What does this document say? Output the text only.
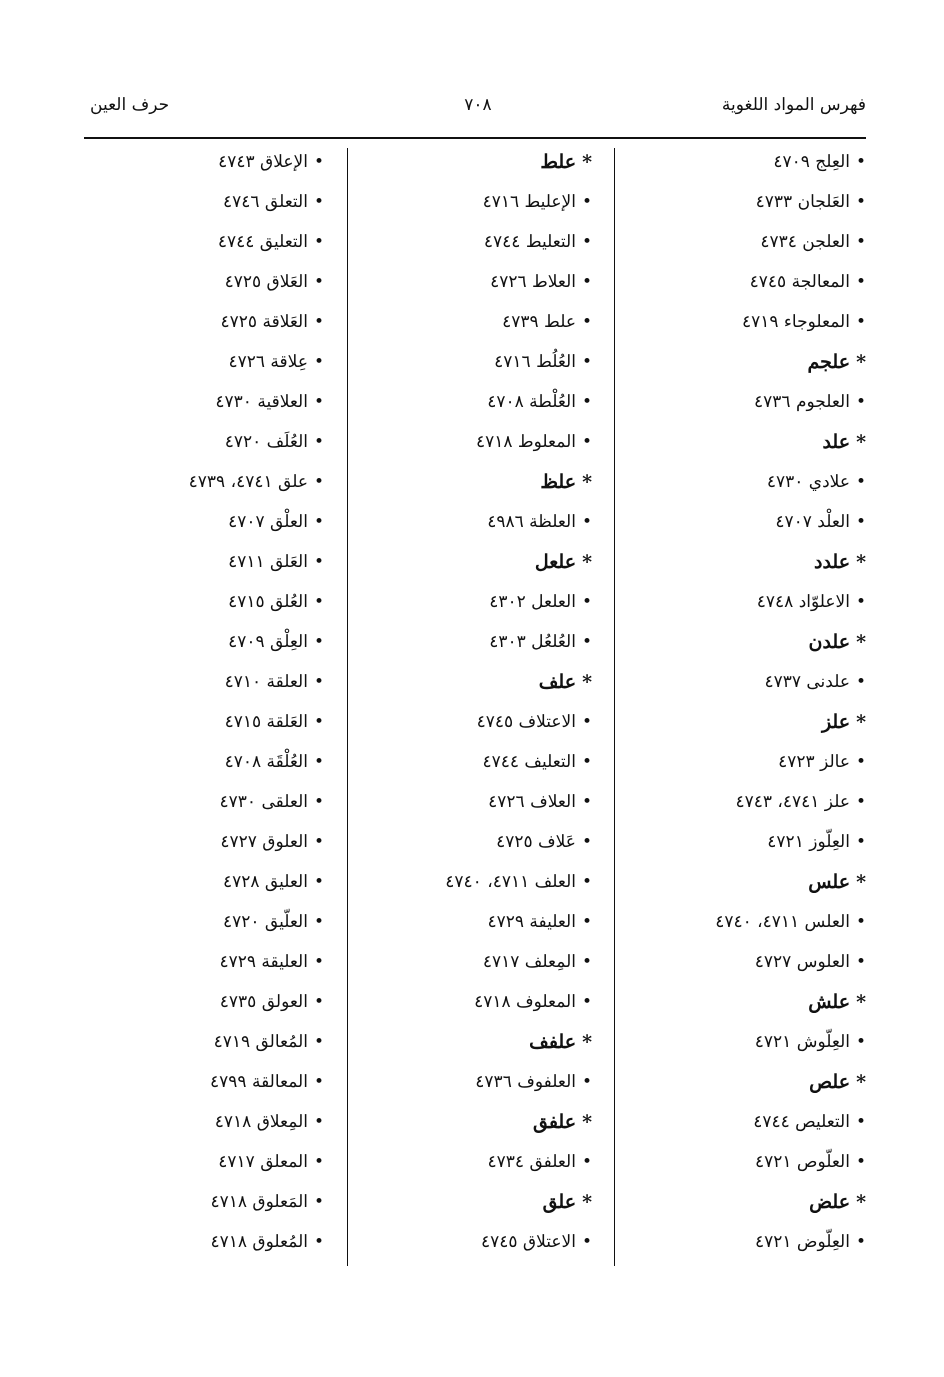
فهرس المواد اللغوية
٧٠٨
حرف العين
•العِلج ٤٧٠٩
•العَلجان ٤٧٣٣
•العلجن ٤٧٣٤
•المعالجة ٤٧٤٥
•المعلوجاء ٤٧١٩
*علجم
•العلجوم ٤٧٣٦
*علد
•علادي ٤٧٣٠
•العلْد ٤٧٠٧
*علدد
•الاعلوّاد ٤٧٤٨
*علدن
•علدنى ٤٧٣٧
*علز
•عالز ٤٧٢٣
•علز ٤٧٤١، ٤٧٤٣
•العِلّوز ٤٧٢١
*علس
•العلس ٤٧١١، ٤٧٤٠
•العلوس ٤٧٢٧
*علش
•العِلّوش ٤٧٢١
*علص
•التعليص ٤٧٤٤
•العلّوص ٤٧٢١
*علض
•العِلّوض ٤٧٢١
*علط
•الإعليط ٤٧١٦
•التعليط ٤٧٤٤
•العلاط ٤٧٢٦
•علط ٤٧٣٩
•العُلُط ٤٧١٦
•العُلْطة ٤٧٠٨
•المعلوط ٤٧١٨
*علظ
•العلظة ٤٩٨٦
*علعل
•العلعل ٤٣٠٢
•العُلعُل ٤٣٠٣
*علف
•الاعتلاف ٤٧٤٥
•التعليف ٤٧٤٤
•العلاف ٤٧٢٦
•عَلاف ٤٧٢٥
•العلف ٤٧١١، ٤٧٤٠
•العليفة ٤٧٢٩
•المِعلف ٤٧١٧
•المعلوف ٤٧١٨
*علفف
•العلفوف ٤٧٣٦
*علفق
•العلفق ٤٧٣٤
*علق
•الاعتلاق ٤٧٤٥
•الإعلاق ٤٧٤٣
•التعلق ٤٧٤٦
•التعليق ٤٧٤٤
•العَلاق ٤٧٢٥
•العَلاقة ٤٧٢٥
•عِلاقة ٤٧٢٦
•العلاقية ٤٧٣٠
•العُلَف ٤٧٢٠
•علق ٤٧٤١، ٤٧٣٩
•العلْق ٤٧٠٧
•العَلق ٤٧١١
•العُلق ٤٧١٥
•العِلْق ٤٧٠٩
•العلقة ٤٧١٠
•العَلقة ٤٧١٥
•العُلْقَة ٤٧٠٨
•العلقى ٤٧٣٠
•العلوق ٤٧٢٧
•العليق ٤٧٢٨
•العلّيق ٤٧٢٠
•العليقة ٤٧٢٩
•العولق ٤٧٣٥
•المُعالق ٤٧١٩
•المعالقة ٤٧٩٩
•المِعلاق ٤٧١٨
•المعلق ٤٧١٧
•المَعلوق ٤٧١٨
•المُعلوق ٤٧١٨
